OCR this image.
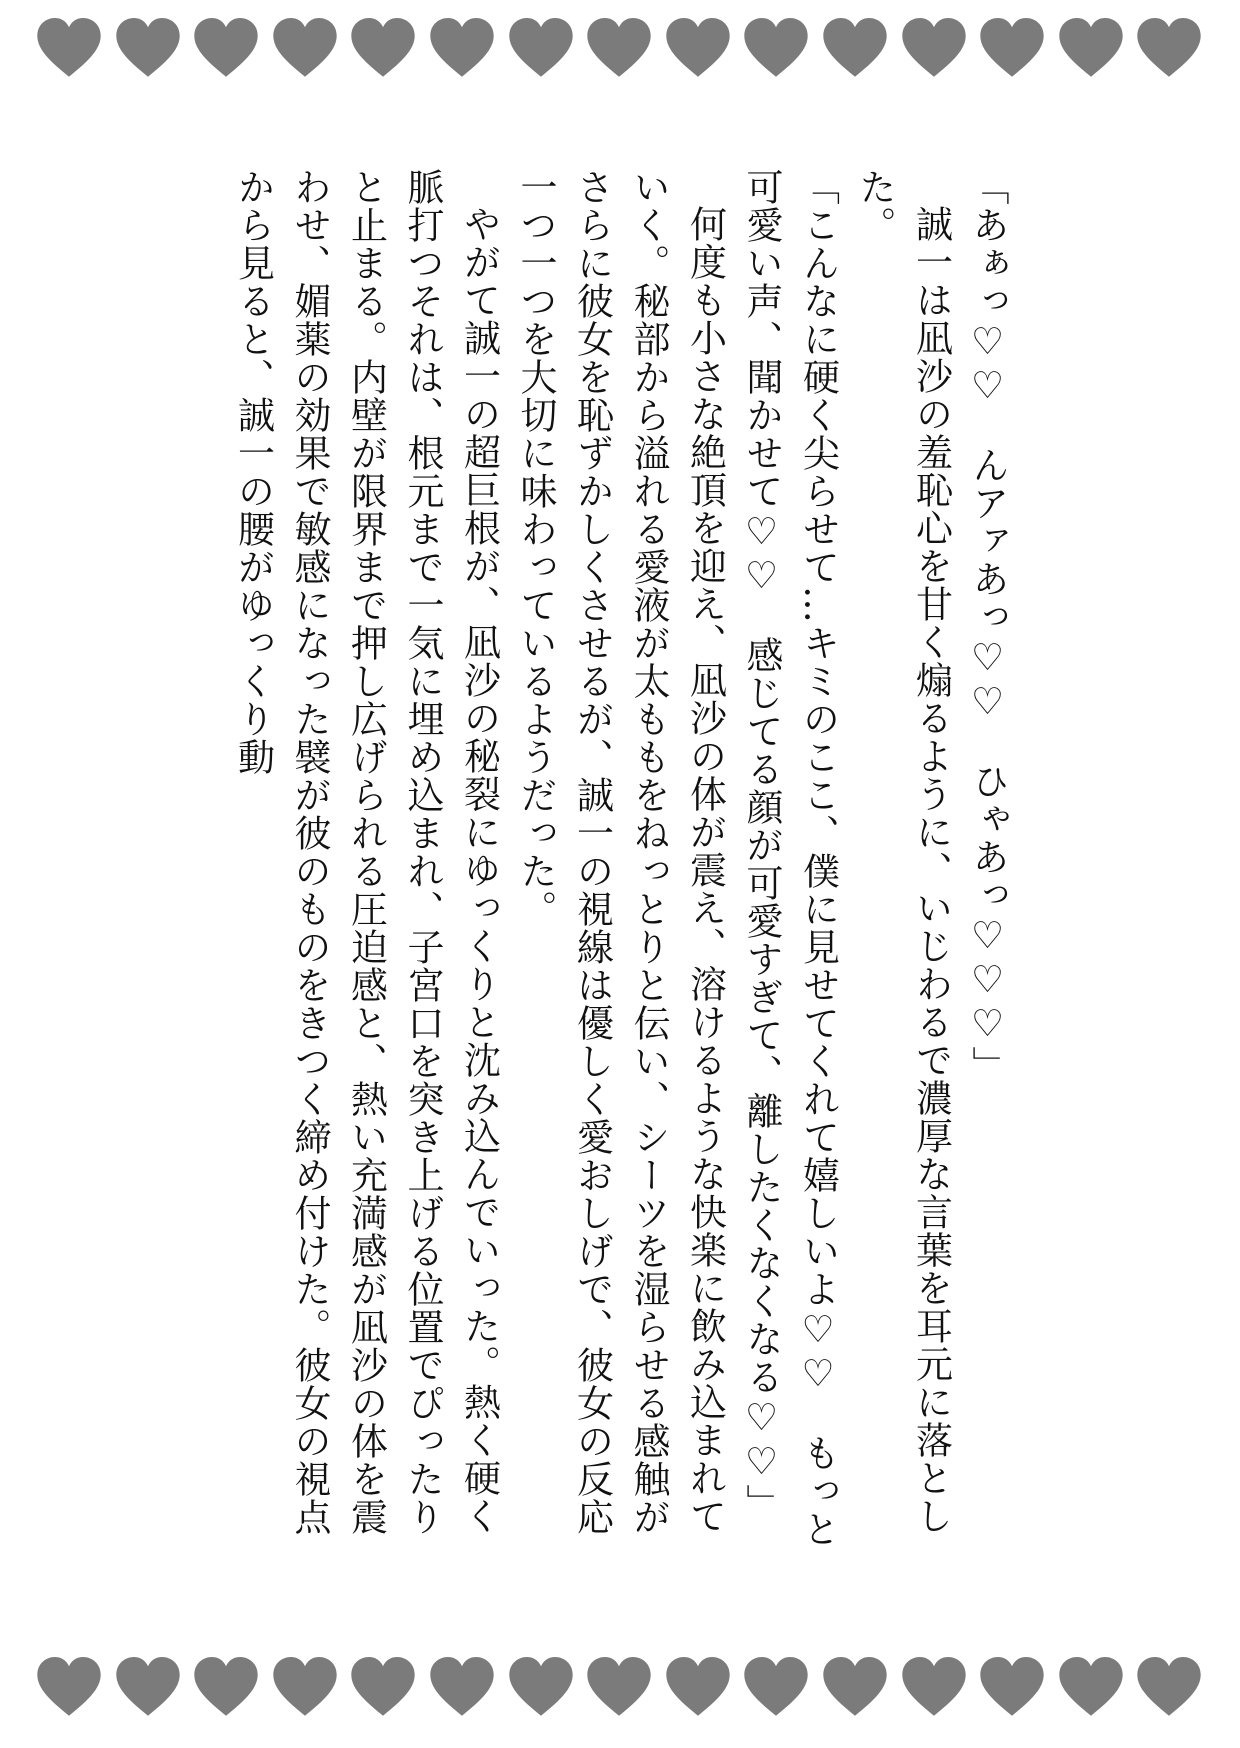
「あぁっ♡♡　んアァあっ♡♡　ひゃあっ♡♡♡」

誠一は凪沙の羞恥心を甘く煽るように、いじわるで濃厚な言葉を耳元に落とした。

「こんなに硬く尖らせて…キミのここ、僕に見せてくれて嬉しいよ♡♡　もっと可愛い声、聞かせて♡♡　感じてる顔が可愛すぎて、離したくなくなる♡♡」

何度も小さな絶頂を迎え、凪沙の体が震え、溶けるような快楽に飲み込まれていく。秘部から溢れる愛液が太ももをねっとりと伝い、シーツを湿らせる感触がさらに彼女を恥ずかしくさせるが、誠一の視線は優しく愛おしげで、彼女の反応一つ一つを大切に味わっているようだった。

やがて誠一の超巨根が、凪沙の秘裂にゆっくりと沈み込んでいった。熱く硬く脈打つそれは、根元まで一気に埋め込まれ、子宮口を突き上げる位置でぴったりと止まる。内壁が限界まで押し広げられる圧迫感と、熱い充満感が凪沙の体を震わせ、媚薬の効果で敏感になった襞が彼のものをきつく締め付けた。彼女の視点から見ると、誠一の腰がゆっくり動
